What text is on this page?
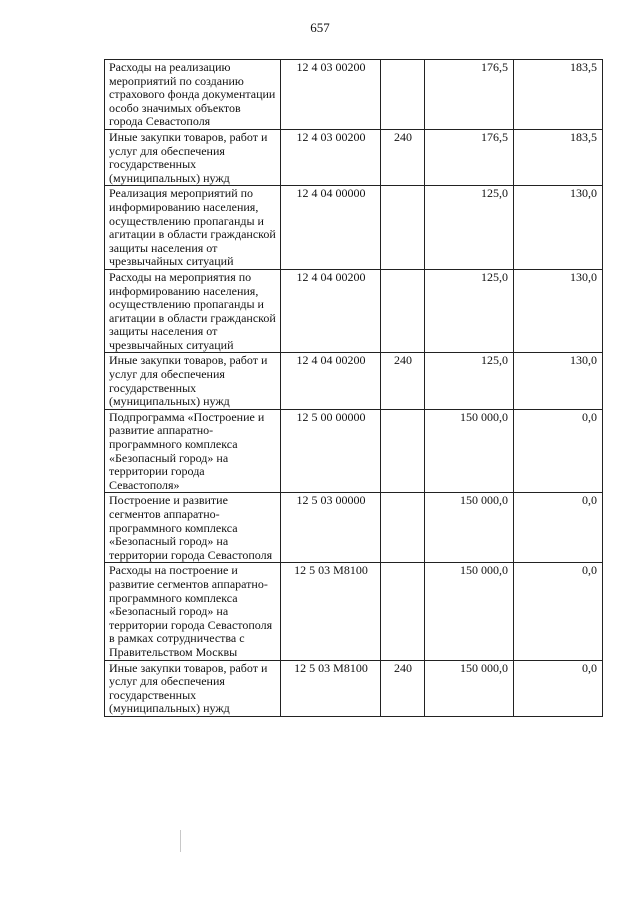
657
Расходы на реализацию мероприятий по созданию страхового фонда документации особо значимых объектов города Севастополя	12 4 03 00200		176,5	183,5
Иные закупки товаров, работ и услуг для обеспечения государственных (муниципальных) нужд	12 4 03 00200	240	176,5	183,5
Реализация мероприятий по информированию населения, осуществлению пропаганды и агитации в области гражданской защиты населения от чрезвычайных ситуаций	12 4 04 00000		125,0	130,0
Расходы на мероприятия по информированию населения, осуществлению пропаганды и агитации в области гражданской защиты населения от чрезвычайных ситуаций	12 4 04 00200		125,0	130,0
Иные закупки товаров, работ и услуг для обеспечения государственных (муниципальных) нужд	12 4 04 00200	240	125,0	130,0
Подпрограмма «Построение и развитие аппаратно-программного комплекса «Безопасный город» на территории города Севастополя»	12 5 00 00000		150 000,0	0,0
Построение и развитие сегментов аппаратно-программного комплекса «Безопасный город» на территории города Севастополя	12 5 03 00000		150 000,0	0,0
Расходы на построение и развитие сегментов аппаратно-программного комплекса «Безопасный город» на территории города Севастополя в рамках сотрудничества с Правительством Москвы	12 5 03 М8100		150 000,0	0,0
Иные закупки товаров, работ и услуг для обеспечения государственных (муниципальных) нужд	12 5 03 М8100	240	150 000,0	0,0
